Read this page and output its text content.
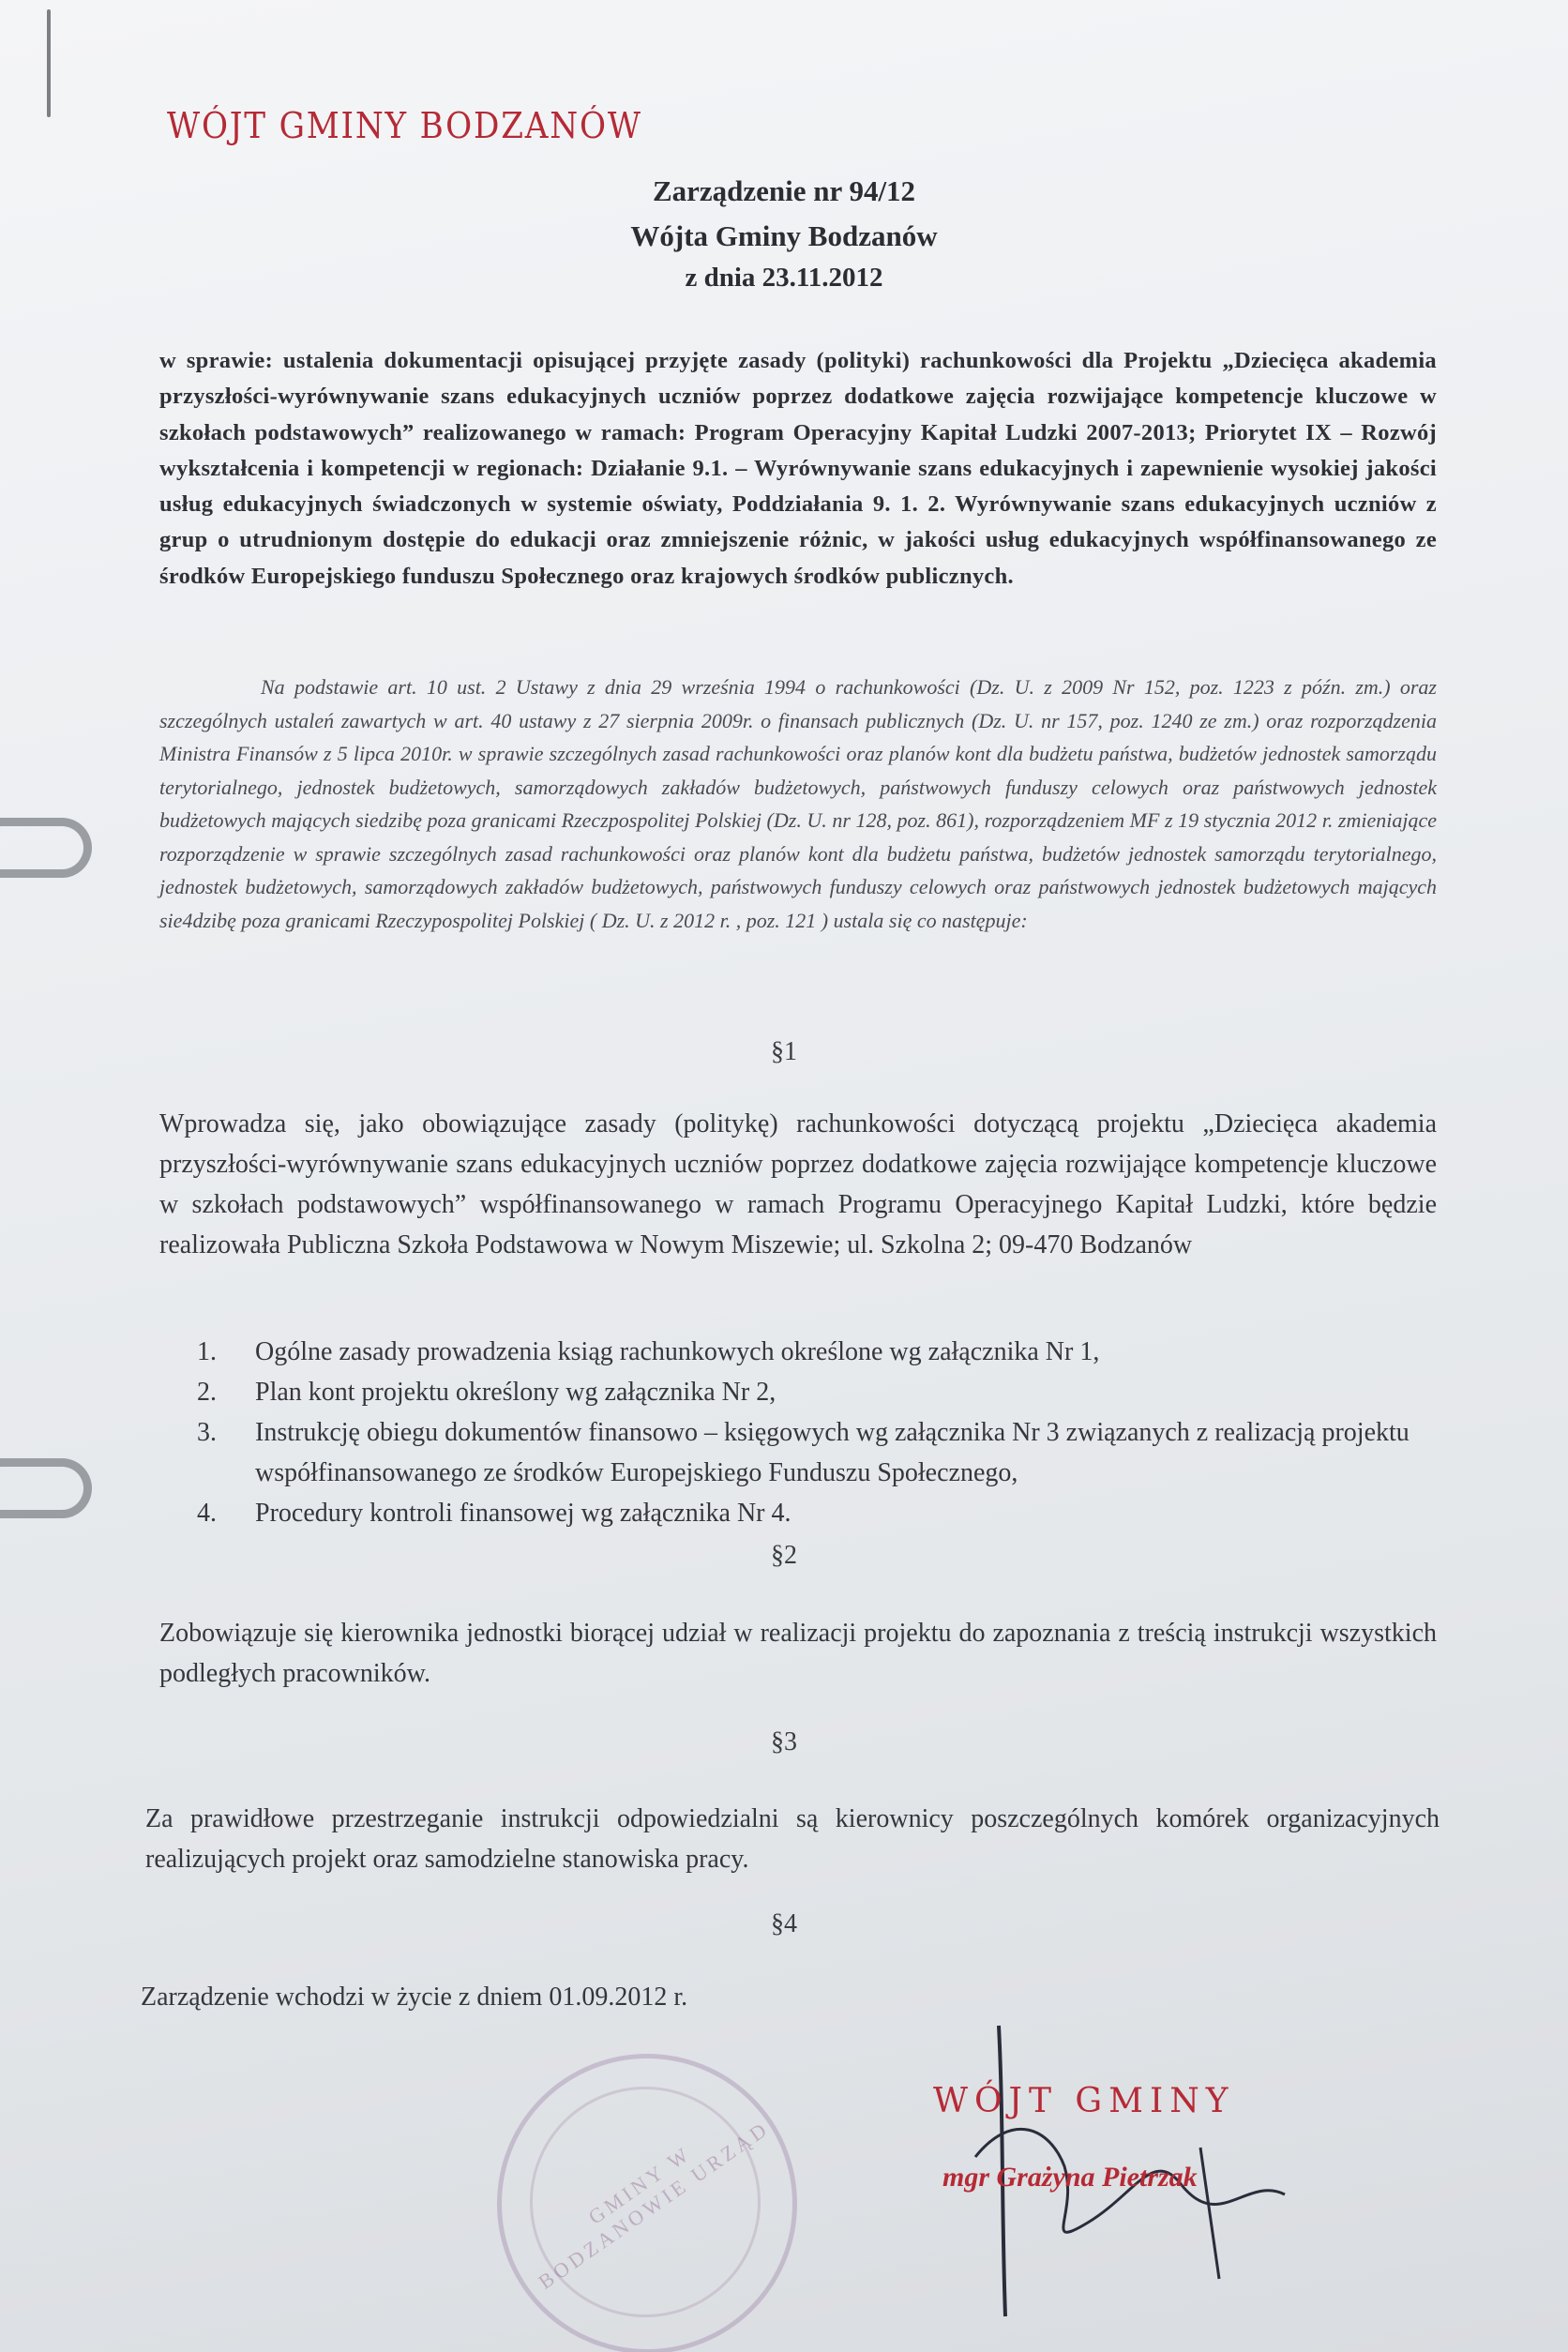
WÓJT GMINY BODZANÓW
Zarządzenie nr 94/12
Wójta Gminy Bodzanów
z dnia 23.11.2012
w sprawie: ustalenia dokumentacji opisującej przyjęte zasady (polityki) rachunkowości dla Projektu „Dziecięca akademia przyszłości-wyrównywanie szans edukacyjnych uczniów poprzez dodatkowe zajęcia rozwijające kompetencje kluczowe w szkołach podstawowych” realizowanego w ramach: Program Operacyjny Kapitał Ludzki 2007-2013; Priorytet IX – Rozwój wykształcenia i kompetencji w regionach: Działanie 9.1. – Wyrównywanie szans edukacyjnych i zapewnienie wysokiej jakości usług edukacyjnych świadczonych w systemie oświaty, Poddziałania 9. 1. 2. Wyrównywanie szans edukacyjnych uczniów z grup o utrudnionym dostępie do edukacji oraz zmniejszenie różnic, w jakości usług edukacyjnych współfinansowanego ze środków Europejskiego funduszu Społecznego oraz krajowych środków publicznych.
Na podstawie art. 10 ust. 2 Ustawy z dnia 29 września 1994 o rachunkowości (Dz. U. z 2009 Nr 152, poz. 1223 z późn. zm.) oraz szczególnych ustaleń zawartych w art. 40 ustawy z 27 sierpnia 2009r. o finansach publicznych (Dz. U. nr 157, poz. 1240 ze zm.) oraz rozporządzenia Ministra Finansów z 5 lipca 2010r. w sprawie szczególnych zasad rachunkowości oraz planów kont dla budżetu państwa, budżetów jednostek samorządu terytorialnego, jednostek budżetowych, samorządowych zakładów budżetowych, państwowych funduszy celowych oraz państwowych jednostek budżetowych mających siedzibę poza granicami Rzeczpospolitej Polskiej (Dz. U. nr 128, poz. 861), rozporządzeniem MF z 19 stycznia 2012 r. zmieniające rozporządzenie w sprawie szczególnych zasad rachunkowości oraz planów kont dla budżetu państwa, budżetów jednostek samorządu terytorialnego, jednostek budżetowych, samorządowych zakładów budżetowych, państwowych funduszy celowych oraz państwowych jednostek budżetowych mających sie4dzibę poza granicami Rzeczypospolitej Polskiej ( Dz. U. z 2012 r. , poz. 121 ) ustala się co następuje:
§1
Wprowadza się, jako obowiązujące zasady (politykę) rachunkowości dotyczącą projektu „Dziecięca akademia przyszłości-wyrównywanie szans edukacyjnych uczniów poprzez dodatkowe zajęcia rozwijające kompetencje kluczowe w szkołach podstawowych” współfinansowanego w ramach Programu Operacyjnego Kapitał Ludzki, które będzie realizowała Publiczna Szkoła Podstawowa w Nowym Miszewie; ul. Szkolna 2; 09-470 Bodzanów
1. Ogólne zasady prowadzenia ksiąg rachunkowych określone wg załącznika Nr 1,
2. Plan kont projektu określony wg załącznika Nr 2,
3. Instrukcję obiegu dokumentów finansowo – księgowych wg załącznika Nr 3 związanych z realizacją projektu współfinansowanego ze środków Europejskiego Funduszu Społecznego,
4. Procedury kontroli finansowej wg załącznika Nr 4.
§2
Zobowiązuje się kierownika jednostki biorącej udział w realizacji projektu do zapoznania z treścią instrukcji wszystkich podległych pracowników.
§3
Za prawidłowe przestrzeganie instrukcji odpowiedzialni są kierownicy poszczególnych komórek organizacyjnych realizujących projekt oraz samodzielne stanowiska pracy.
§4
Zarządzenie wchodzi w życie z dniem 01.09.2012 r.
GMINY W BODZANOWIE URZĄD
WÓJT GMINY
mgr Grażyna Pietrzak
